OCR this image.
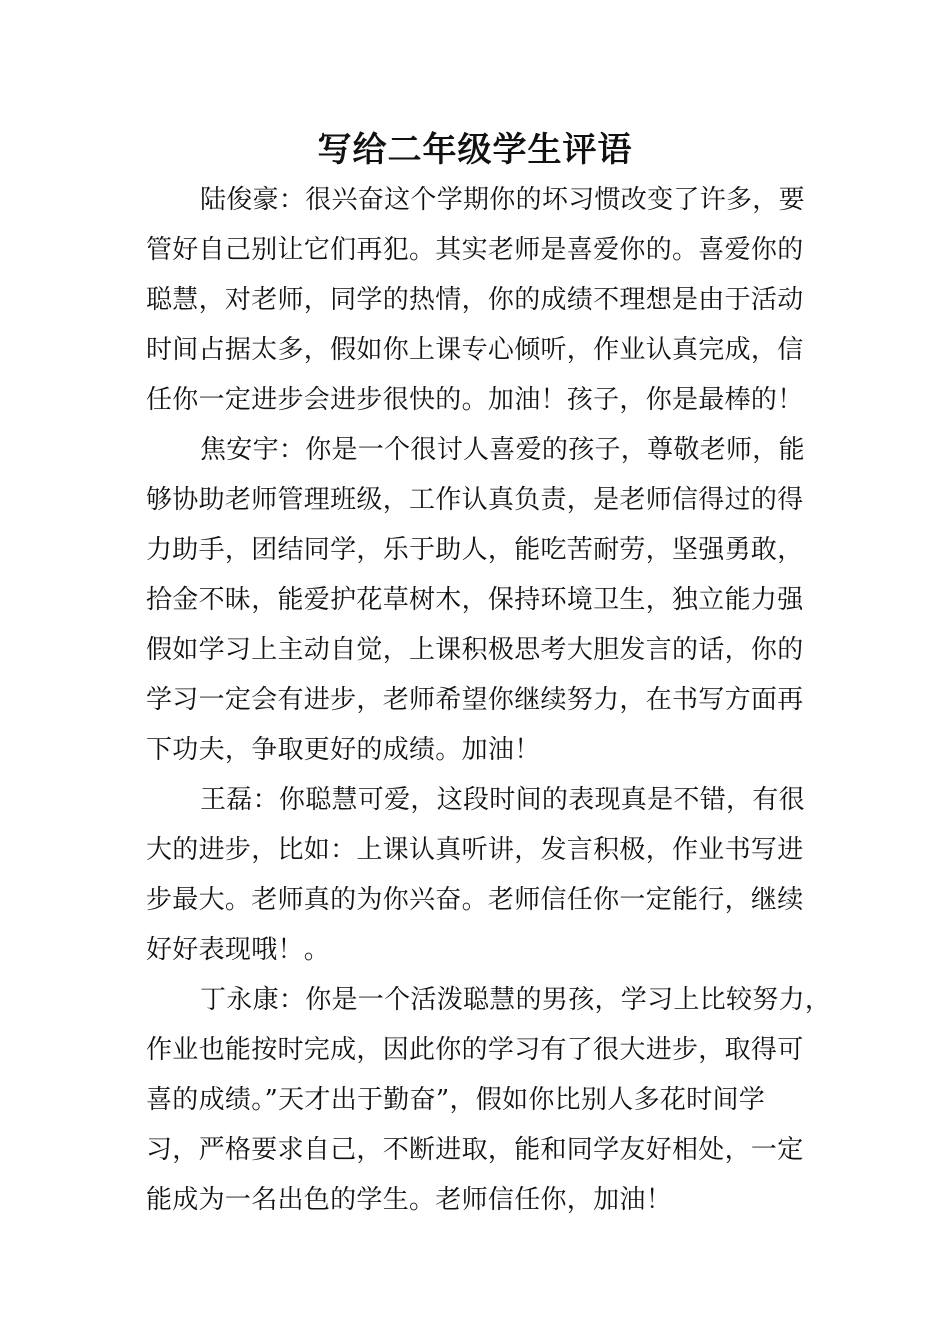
写给二年级学生评语
陆俊豪：很兴奋这个学期你的坏习惯改变了许多，要
管好自己别让它们再犯。其实老师是喜爱你的。喜爱你的
聪慧，对老师，同学的热情，你的成绩不理想是由于活动
时间占据太多，假如你上课专心倾听，作业认真完成，信
任你一定进步会进步很快的。加油！孩子，你是最棒的！
焦安宇：你是一个很讨人喜爱的孩子，尊敬老师，能
够协助老师管理班级，工作认真负责，是老师信得过的得
力助手，团结同学，乐于助人，能吃苦耐劳，坚强勇敢，
拾金不昧，能爱护花草树木，保持环境卫生，独立能力强
假如学习上主动自觉，上课积极思考大胆发言的话，你的
学习一定会有进步，老师希望你继续努力，在书写方面再
下功夫，争取更好的成绩。加油！
王磊：你聪慧可爱，这段时间的表现真是不错，有很
大的进步，比如：上课认真听讲，发言积极，作业书写进
步最大。老师真的为你兴奋。老师信任你一定能行，继续
好好表现哦！。
丁永康：你是一个活泼聪慧的男孩，学习上比较努力，
作业也能按时完成，因此你的学习有了很大进步，取得可
喜的成绩。”天才出于勤奋”，假如你比别人多花时间学
习，严格要求自己，不断进取，能和同学友好相处，一定
能成为一名出色的学生。老师信任你，加油！
